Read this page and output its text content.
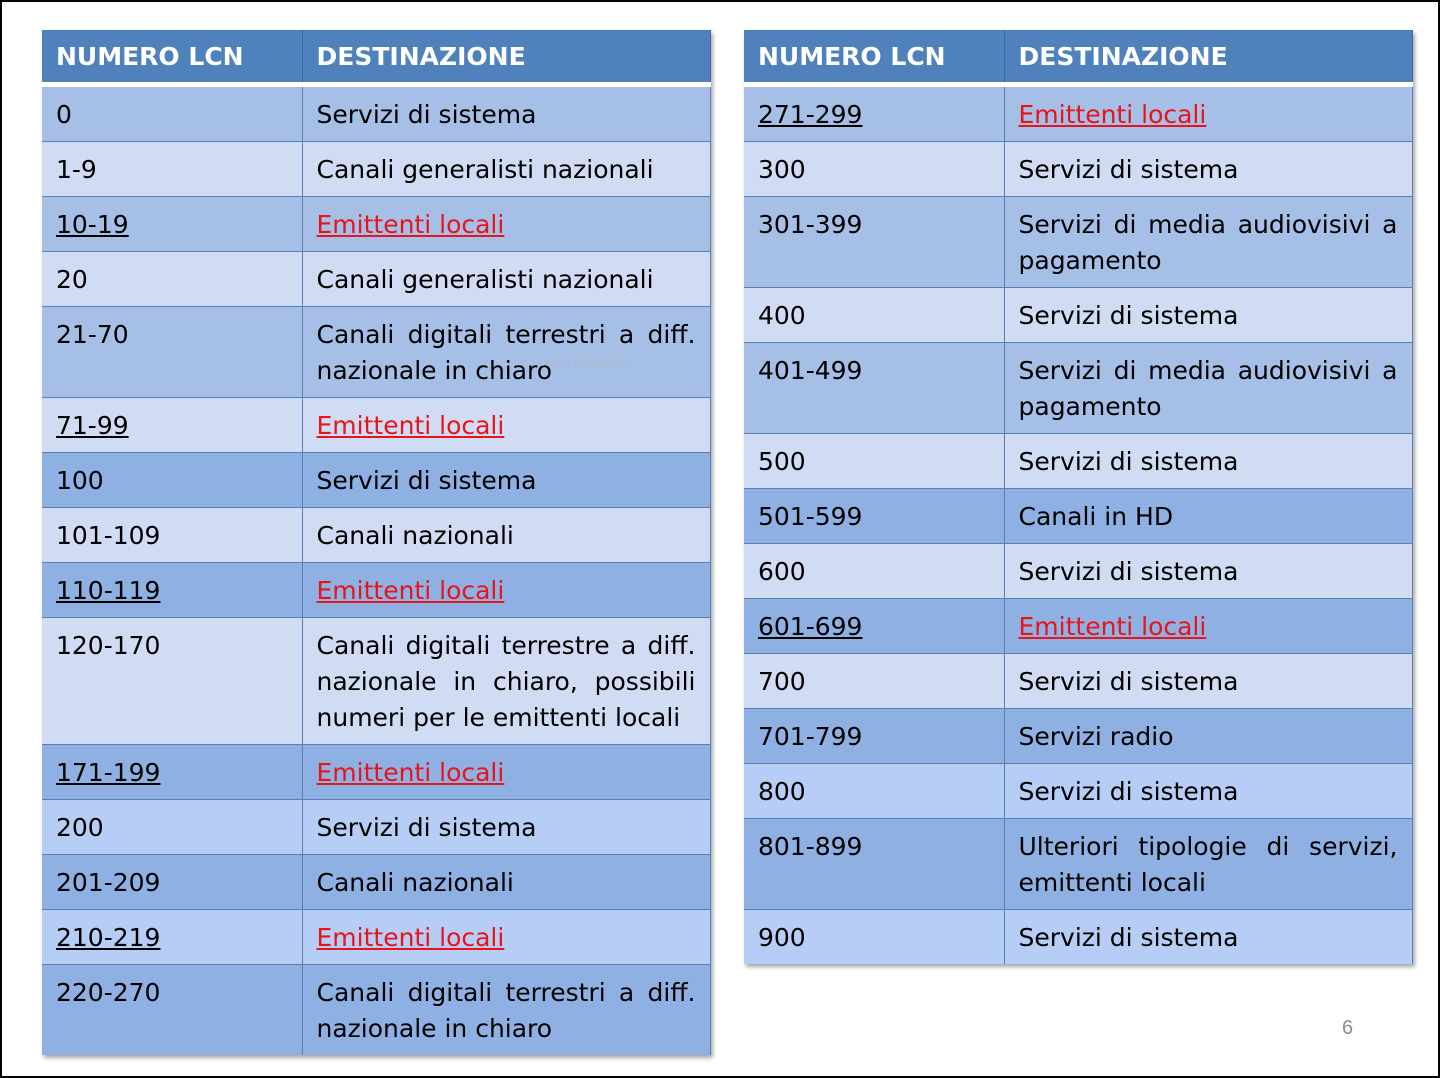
NUMERO LCN	DESTINAZIONE
0	Servizi di sistema
1-9	Canali generalisti nazionali
10-19	Emittenti locali
20	Canali generalisti nazionali
21-70	Canali digitali terrestri a diff. nazionale in chiaro
71-99	Emittenti locali
100	Servizi di sistema
101-109	Canali nazionali
110-119	Emittenti locali
120-170	Canali digitali terrestre a diff. nazionale in chiaro, possibili numeri per le emittenti locali
171-199	Emittenti locali
200	Servizi di sistema
201-209	Canali nazionali
210-219	Emittenti locali
220-270	Canali digitali terrestri a diff. nazionale in chiaro
NUMERO LCN	DESTINAZIONE
271-299	Emittenti locali
300	Servizi di sistema
301-399	Servizi di media audiovisivi a pagamento
400	Servizi di sistema
401-499	Servizi di media audiovisivi a pagamento
500	Servizi di sistema
501-599	Canali in HD
600	Servizi di sistema
601-699	Emittenti locali
700	Servizi di sistema
701-799	Servizi radio
800	Servizi di sistema
801-899	Ulteriori tipologie di servizi, emittenti locali
900	Servizi di sistema
Cattura rettangolare
6
